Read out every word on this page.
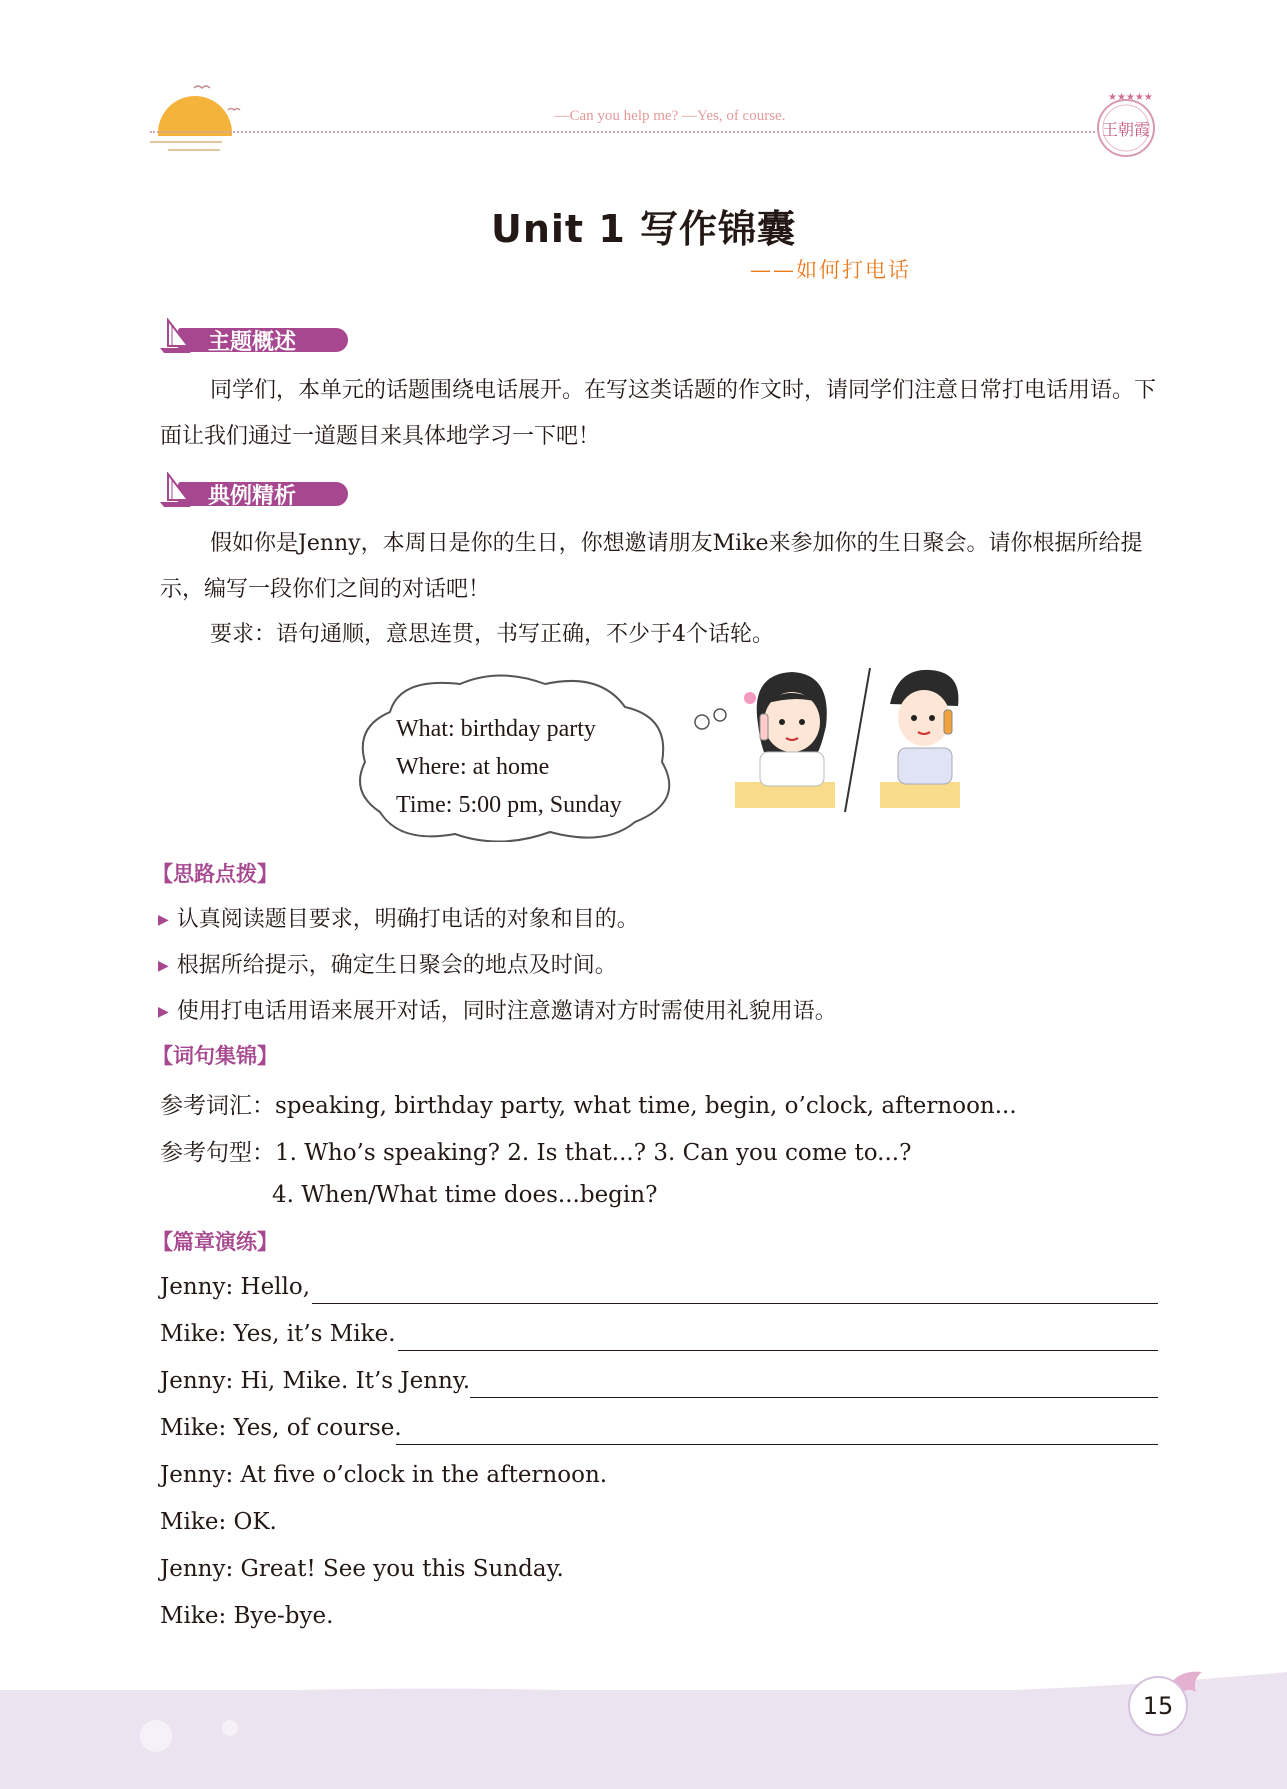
—Can you help me? —Yes, of course.
★★★★★
王朝霞
Unit 1 写作锦囊
——如何打电话
主题概述
同学们，本单元的话题围绕电话展开。在写这类话题的作文时，请同学们注意日常打电话用语。下面让我们通过一道题目来具体地学习一下吧！
典例精析
假如你是Jenny，本周日是你的生日，你想邀请朋友Mike来参加你的生日聚会。请你根据所给提示，编写一段你们之间的对话吧！
要求：语句通顺，意思连贯，书写正确，不少于4个话轮。
What: birthday party
Where: at home
Time: 5:00 pm, Sunday
【思路点拨】
▶ 认真阅读题目要求，明确打电话的对象和目的。
▶ 根据所给提示，确定生日聚会的地点及时间。
▶ 使用打电话用语来展开对话，同时注意邀请对方时需使用礼貌用语。
【词句集锦】
参考词汇：speaking, birthday party, what time, begin, o’clock, afternoon...
参考句型：1. Who’s speaking? 2. Is that...? 3. Can you come to...?
4. When/What time does...begin?
【篇章演练】
Jenny: Hello,
Mike: Yes, it’s Mike.
Jenny: Hi, Mike. It’s Jenny.
Mike: Yes, of course.
Jenny: At five o’clock in the afternoon.
Mike: OK.
Jenny: Great! See you this Sunday.
Mike: Bye-bye.
15
